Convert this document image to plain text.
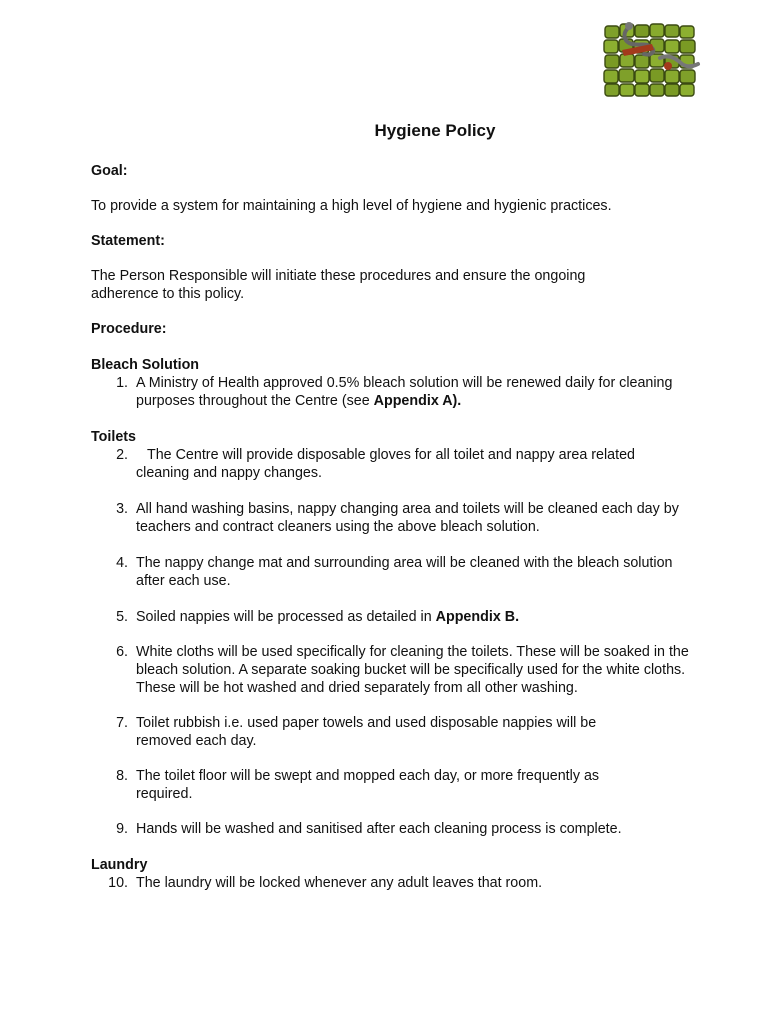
Hygiene Policy

Goal:

To provide a system for maintaining a high level of hygiene and hygienic practices.

Statement:

The Person Responsible will initiate these procedures and ensure the ongoing adherence to this policy.

Procedure:

Bleach Solution

1. A Ministry of Health approved 0.5% bleach solution will be renewed daily for cleaning purposes throughout the Centre (see Appendix A).

Toilets

2.	The Centre will provide disposable gloves for all toilet and nappy area related cleaning and nappy changes.
3. All hand washing basins, nappy changing area and toilets will be cleaned each day by teachers and contract cleaners using the above bleach solution.
4. The nappy change mat and surrounding area will be cleaned with the bleach solution after each use.
5. Soiled nappies will be processed as detailed in Appendix B.
6. White cloths will be used specifically for cleaning the toilets. These will be soaked in the bleach solution. A separate soaking bucket will be specifically used for the white cloths. These will be hot washed and dried separately from all other washing.
7. Toilet rubbish i.e. used paper towels and used disposable nappies will be removed each day.
8. The toilet floor will be swept and mopped each day, or more frequently as required.
9. Hands will be washed and sanitised after each cleaning process is complete.

Laundry

10. The laundry will be locked whenever any adult leaves that room.
